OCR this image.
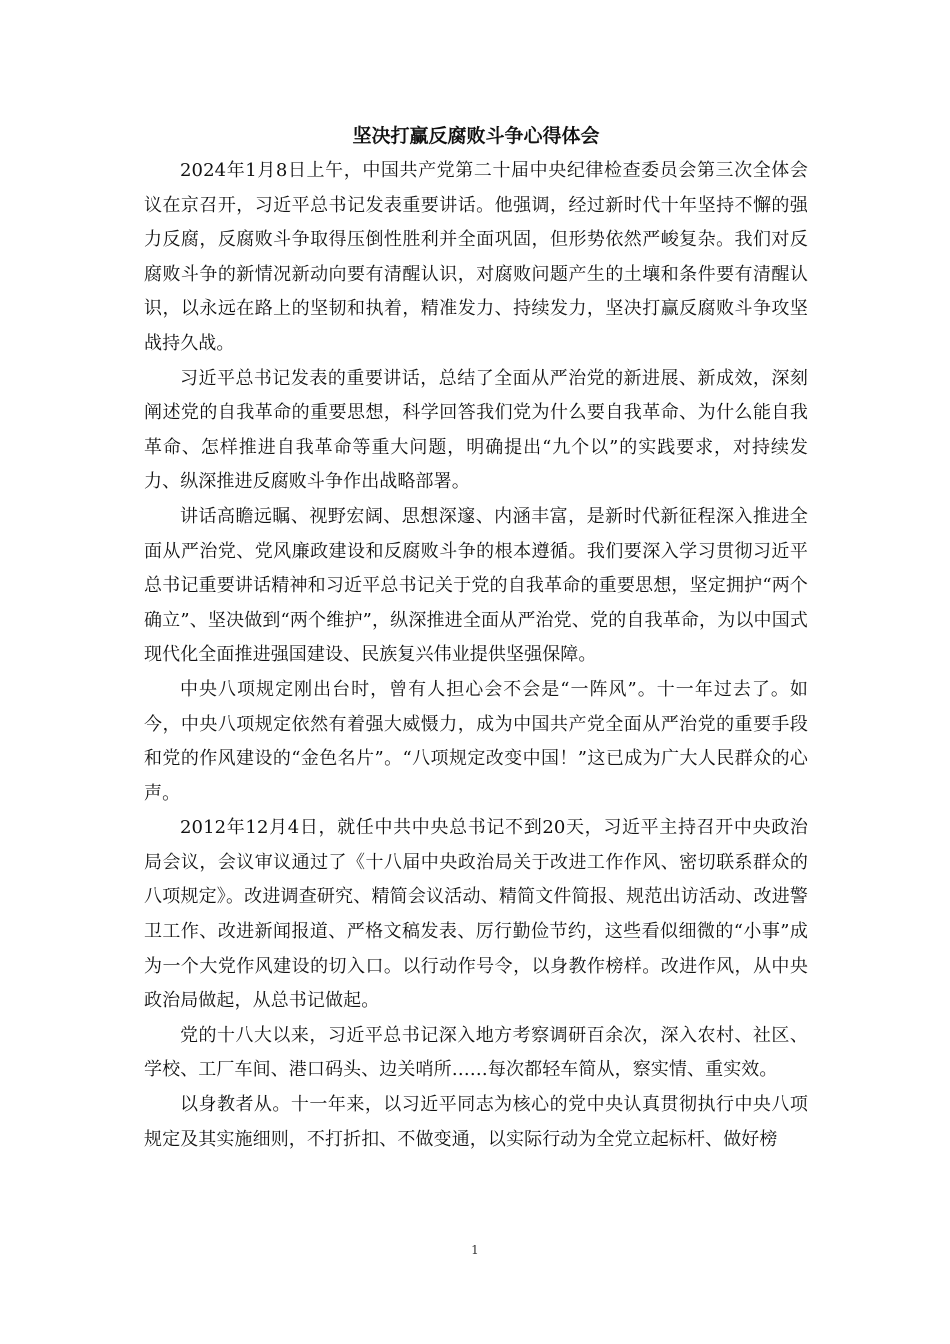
坚决打赢反腐败斗争心得体会

2024年1月8日上午，中国共产党第二十届中央纪律检查委员会第三次全体会议在京召开，习近平总书记发表重要讲话。他强调，经过新时代十年坚持不懈的强力反腐，反腐败斗争取得压倒性胜利并全面巩固，但形势依然严峻复杂。我们对反腐败斗争的新情况新动向要有清醒认识，对腐败问题产生的土壤和条件要有清醒认识，以永远在路上的坚韧和执着，精准发力、持续发力，坚决打赢反腐败斗争攻坚战持久战。

习近平总书记发表的重要讲话，总结了全面从严治党的新进展、新成效，深刻阐述党的自我革命的重要思想，科学回答我们党为什么要自我革命、为什么能自我革命、怎样推进自我革命等重大问题，明确提出“九个以”的实践要求，对持续发力、纵深推进反腐败斗争作出战略部署。

讲话高瞻远瞩、视野宏阔、思想深邃、内涵丰富，是新时代新征程深入推进全面从严治党、党风廉政建设和反腐败斗争的根本遵循。我们要深入学习贯彻习近平总书记重要讲话精神和习近平总书记关于党的自我革命的重要思想，坚定拥护“两个确立”、坚决做到“两个维护”，纵深推进全面从严治党、党的自我革命，为以中国式现代化全面推进强国建设、民族复兴伟业提供坚强保障。

中央八项规定刚出台时，曾有人担心会不会是“一阵风”。十一年过去了。如今，中央八项规定依然有着强大威慑力，成为中国共产党全面从严治党的重要手段和党的作风建设的“金色名片”。“八项规定改变中国！”这已成为广大人民群众的心声。

2012年12月4日，就任中共中央总书记不到20天，习近平主持召开中央政治局会议，会议审议通过了《十八届中央政治局关于改进工作作风、密切联系群众的八项规定》。改进调查研究、精简会议活动、精简文件简报、规范出访活动、改进警卫工作、改进新闻报道、严格文稿发表、厉行勤俭节约，这些看似细微的“小事”成为一个大党作风建设的切入口。以行动作号令，以身教作榜样。改进作风，从中央政治局做起，从总书记做起。

党的十八大以来，习近平总书记深入地方考察调研百余次，深入农村、社区、学校、工厂车间、港口码头、边关哨所……每次都轻车简从，察实情、重实效。

以身教者从。十一年来，以习近平同志为核心的党中央认真贯彻执行中央八项规定及其实施细则，不打折扣、不做变通，以实际行动为全党立起标杆、做好榜

1
